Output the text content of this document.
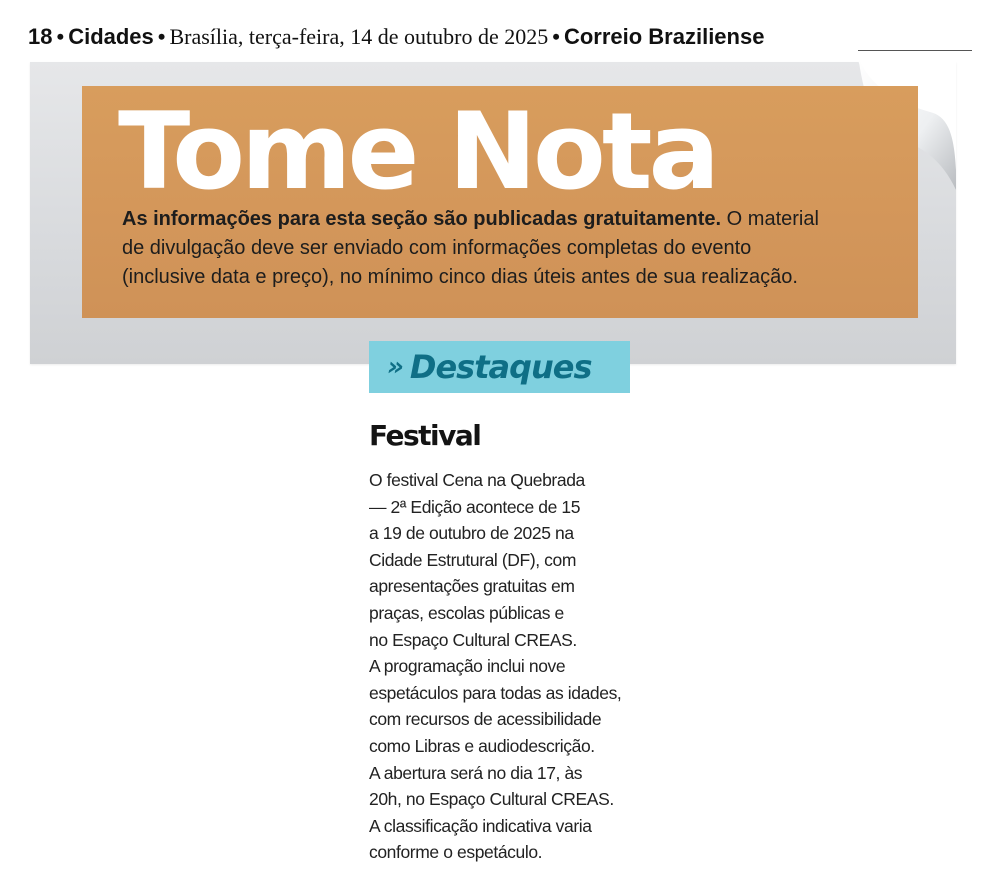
18 • Cidades • Brasília, terça-feira, 14 de outubro de 2025 • Correio Braziliense
Tome Nota
As informações para esta seção são publicadas gratuitamente. O material
de divulgação deve ser enviado com informações completas do evento
(inclusive data e preço), no mínimo cinco dias úteis antes de sua realização.
» Destaques
Festival
O festival Cena na Quebrada
— 2ª Edição acontece de 15
a 19 de outubro de 2025 na
Cidade Estrutural (DF), com
apresentações gratuitas em
praças, escolas públicas e
no Espaço Cultural CREAS.
A programação inclui nove
espetáculos para todas as idades,
com recursos de acessibilidade
como Libras e audiodescrição.
A abertura será no dia 17, às
20h, no Espaço Cultural CREAS.
A classificação indicativa varia
conforme o espetáculo.
